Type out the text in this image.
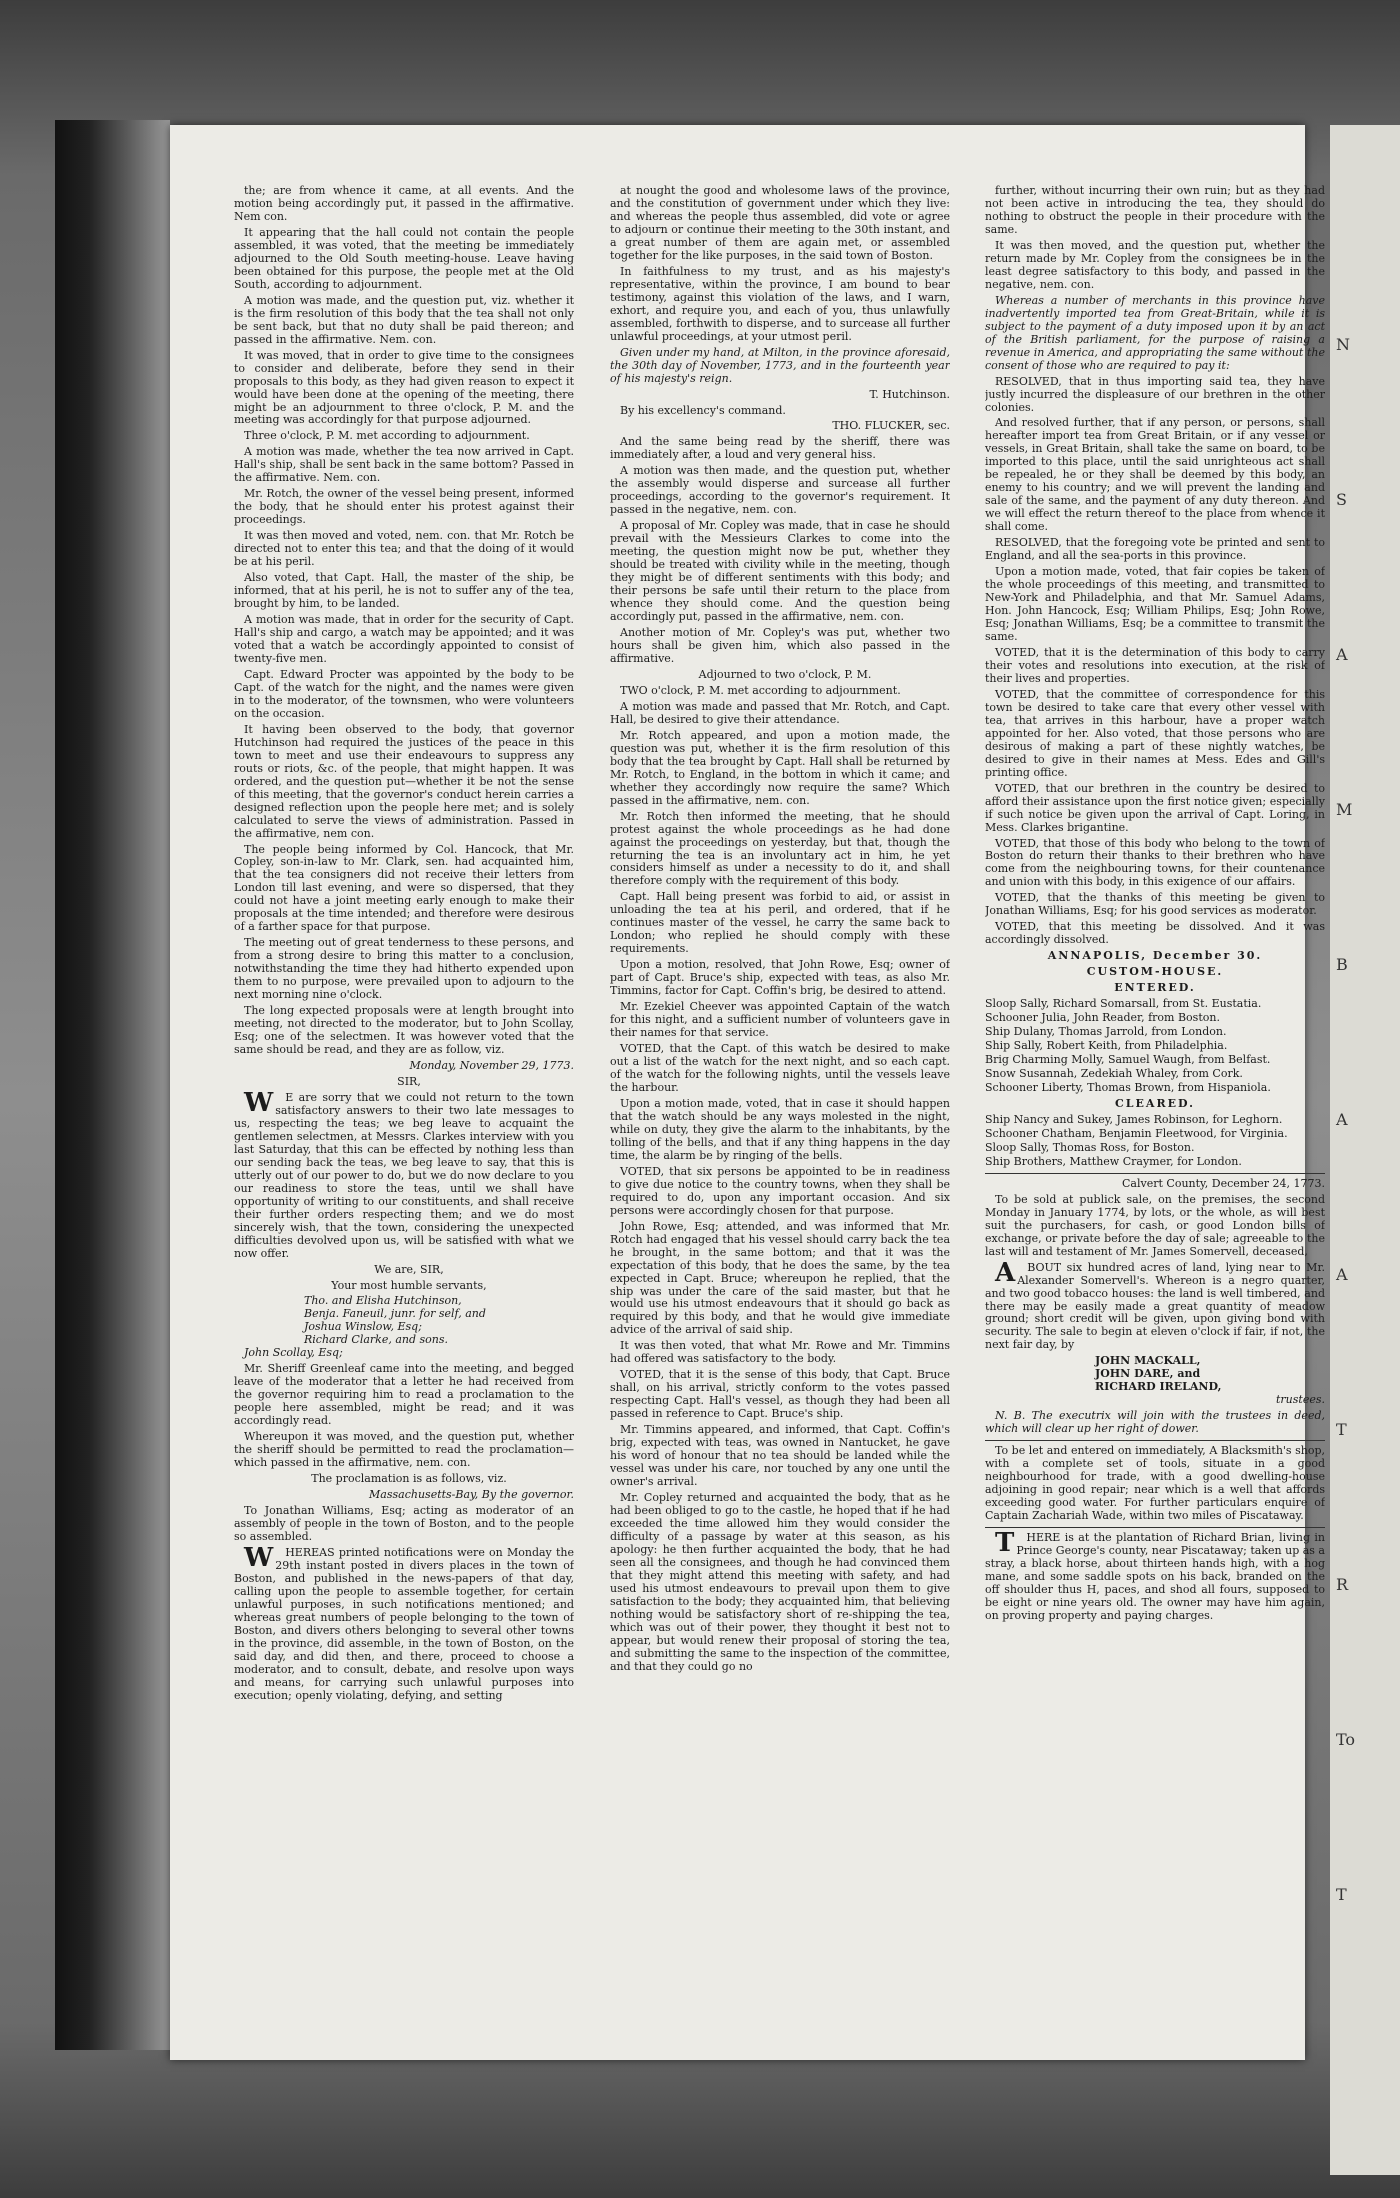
N
S
A
M
B
A
A
T
R
To
T

the; are from whence it came, at all events. And the motion being accordingly put, it passed in the affirmative. Nem con.

It appearing that the hall could not contain the people assembled, it was voted, that the meeting be immediately adjourned to the Old South meeting-house. Leave having been obtained for this purpose, the people met at the Old South, according to adjournment.

A motion was made, and the question put, viz. whether it is the firm resolution of this body that the tea shall not only be sent back, but that no duty shall be paid thereon; and passed in the affirmative. Nem. con.

It was moved, that in order to give time to the consignees to consider and deliberate, before they send in their proposals to this body, as they had given reason to expect it would have been done at the opening of the meeting, there might be an adjournment to three o'clock, P. M. and the meeting was accordingly for that purpose adjourned.

Three o'clock, P. M. met according to adjournment.

A motion was made, whether the tea now arrived in Capt. Hall's ship, shall be sent back in the same bottom? Passed in the affirmative. Nem. con.

Mr. Rotch, the owner of the vessel being present, informed the body, that he should enter his protest against their proceedings.

It was then moved and voted, nem. con. that Mr. Rotch be directed not to enter this tea; and that the doing of it would be at his peril.

Also voted, that Capt. Hall, the master of the ship, be informed, that at his peril, he is not to suffer any of the tea, brought by him, to be landed.

A motion was made, that in order for the security of Capt. Hall's ship and cargo, a watch may be appointed; and it was voted that a watch be accordingly appointed to consist of twenty-five men.

Capt. Edward Procter was appointed by the body to be Capt. of the watch for the night, and the names were given in to the moderator, of the townsmen, who were volunteers on the occasion.

It having been observed to the body, that governor Hutchinson had required the justices of the peace in this town to meet and use their endeavours to suppress any routs or riots, &c. of the people, that might happen. It was ordered, and the question put—whether it be not the sense of this meeting, that the governor's conduct herein carries a designed reflection upon the people here met; and is solely calculated to serve the views of administration. Passed in the affirmative, nem con.

The people being informed by Col. Hancock, that Mr. Copley, son-in-law to Mr. Clark, sen. had acquainted him, that the tea consigners did not receive their letters from London till last evening, and were so dispersed, that they could not have a joint meeting early enough to make their proposals at the time intended; and therefore were desirous of a farther space for that purpose.

The meeting out of great tenderness to these persons, and from a strong desire to bring this matter to a conclusion, notwithstanding the time they had hitherto expended upon them to no purpose, were prevailed upon to adjourn to the next morning nine o'clock.

The long expected proposals were at length brought into meeting, not directed to the moderator, but to John Scollay, Esq; one of the selectmen. It was however voted that the same should be read, and they are as follow, viz.

Monday, November 29, 1773.

SIR,

WE are sorry that we could not return to the town satisfactory answers to their two late messages to us, respecting the teas; we beg leave to acquaint the gentlemen selectmen, at Messrs. Clarkes interview with you last Saturday, that this can be effected by nothing less than our sending back the teas, we beg leave to say, that this is utterly out of our power to do, but we do now declare to you our readiness to store the teas, until we shall have opportunity of writing to our constituents, and shall receive their further orders respecting them; and we do most sincerely wish, that the town, considering the unexpected difficulties devolved upon us, will be satisfied with what we now offer.

We are, SIR,

Your most humble servants,

Tho. and Elisha Hutchinson,
Benja. Faneuil, junr. for self, and
Joshua Winslow, Esq;
Richard Clarke, and sons.

John Scollay, Esq;

Mr. Sheriff Greenleaf came into the meeting, and begged leave of the moderator that a letter he had received from the governor requiring him to read a proclamation to the people here assembled, might be read; and it was accordingly read.

Whereupon it was moved, and the question put, whether the sheriff should be permitted to read the proclamation—which passed in the affirmative, nem. con.

The proclamation is as follows, viz.

Massachusetts-Bay, By the governor.

To Jonathan Williams, Esq; acting as moderator of an assembly of people in the town of Boston, and to the people so assembled.

WHEREAS printed notifications were on Monday the 29th instant posted in divers places in the town of Boston, and published in the news-papers of that day, calling upon the people to assemble together, for certain unlawful purposes, in such notifications mentioned; and whereas great numbers of people belonging to the town of Boston, and divers others belonging to several other towns in the province, did assemble, in the town of Boston, on the said day, and did then, and there, proceed to choose a moderator, and to consult, debate, and resolve upon ways and means, for carrying such unlawful purposes into execution; openly violating, defying, and setting

at nought the good and wholesome laws of the province, and the constitution of government under which they live: and whereas the people thus assembled, did vote or agree to adjourn or continue their meeting to the 30th instant, and a great number of them are again met, or assembled together for the like purposes, in the said town of Boston.

In faithfulness to my trust, and as his majesty's representative, within the province, I am bound to bear testimony, against this violation of the laws, and I warn, exhort, and require you, and each of you, thus unlawfully assembled, forthwith to disperse, and to surcease all further unlawful proceedings, at your utmost peril.

Given under my hand, at Milton, in the province aforesaid, the 30th day of November, 1773, and in the fourteenth year of his majesty's reign.

T. Hutchinson.

By his excellency's command.

THO. FLUCKER, sec.

And the same being read by the sheriff, there was immediately after, a loud and very general hiss.

A motion was then made, and the question put, whether the assembly would disperse and surcease all further proceedings, according to the governor's requirement. It passed in the negative, nem. con.

A proposal of Mr. Copley was made, that in case he should prevail with the Messieurs Clarkes to come into the meeting, the question might now be put, whether they should be treated with civility while in the meeting, though they might be of different sentiments with this body; and their persons be safe until their return to the place from whence they should come. And the question being accordingly put, passed in the affirmative, nem. con.

Another motion of Mr. Copley's was put, whether two hours shall be given him, which also passed in the affirmative.

Adjourned to two o'clock, P. M.

TWO o'clock, P. M. met according to adjournment.

A motion was made and passed that Mr. Rotch, and Capt. Hall, be desired to give their attendance.

Mr. Rotch appeared, and upon a motion made, the question was put, whether it is the firm resolution of this body that the tea brought by Capt. Hall shall be returned by Mr. Rotch, to England, in the bottom in which it came; and whether they accordingly now require the same? Which passed in the affirmative, nem. con.

Mr. Rotch then informed the meeting, that he should protest against the whole proceedings as he had done against the proceedings on yesterday, but that, though the returning the tea is an involuntary act in him, he yet considers himself as under a necessity to do it, and shall therefore comply with the requirement of this body.

Capt. Hall being present was forbid to aid, or assist in unloading the tea at his peril, and ordered, that if he continues master of the vessel, he carry the same back to London; who replied he should comply with these requirements.

Upon a motion, resolved, that John Rowe, Esq; owner of part of Capt. Bruce's ship, expected with teas, as also Mr. Timmins, factor for Capt. Coffin's brig, be desired to attend.

Mr. Ezekiel Cheever was appointed Captain of the watch for this night, and a sufficient number of volunteers gave in their names for that service.

VOTED, that the Capt. of this watch be desired to make out a list of the watch for the next night, and so each capt. of the watch for the following nights, until the vessels leave the harbour.

Upon a motion made, voted, that in case it should happen that the watch should be any ways molested in the night, while on duty, they give the alarm to the inhabitants, by the tolling of the bells, and that if any thing happens in the day time, the alarm be by ringing of the bells.

VOTED, that six persons be appointed to be in readiness to give due notice to the country towns, when they shall be required to do, upon any important occasion. And six persons were accordingly chosen for that purpose.

John Rowe, Esq; attended, and was informed that Mr. Rotch had engaged that his vessel should carry back the tea he brought, in the same bottom; and that it was the expectation of this body, that he does the same, by the tea expected in Capt. Bruce; whereupon he replied, that the ship was under the care of the said master, but that he would use his utmost endeavours that it should go back as required by this body, and that he would give immediate advice of the arrival of said ship.

It was then voted, that what Mr. Rowe and Mr. Timmins had offered was satisfactory to the body.

VOTED, that it is the sense of this body, that Capt. Bruce shall, on his arrival, strictly conform to the votes passed respecting Capt. Hall's vessel, as though they had been all passed in reference to Capt. Bruce's ship.

Mr. Timmins appeared, and informed, that Capt. Coffin's brig, expected with teas, was owned in Nantucket, he gave his word of honour that no tea should be landed while the vessel was under his care, nor touched by any one until the owner's arrival.

Mr. Copley returned and acquainted the body, that as he had been obliged to go to the castle, he hoped that if he had exceeded the time allowed him they would consider the difficulty of a passage by water at this season, as his apology: he then further acquainted the body, that he had seen all the consignees, and though he had convinced them that they might attend this meeting with safety, and had used his utmost endeavours to prevail upon them to give satisfaction to the body; they acquainted him, that believing nothing would be satisfactory short of re-shipping the tea, which was out of their power, they thought it best not to appear, but would renew their proposal of storing the tea, and submitting the same to the inspection of the committee, and that they could go no

further, without incurring their own ruin; but as they had not been active in introducing the tea, they should do nothing to obstruct the people in their procedure with the same.

It was then moved, and the question put, whether the return made by Mr. Copley from the consignees be in the least degree satisfactory to this body, and passed in the negative, nem. con.

Whereas a number of merchants in this province have inadvertently imported tea from Great-Britain, while it is subject to the payment of a duty imposed upon it by an act of the British parliament, for the purpose of raising a revenue in America, and appropriating the same without the consent of those who are required to pay it:

RESOLVED, that in thus importing said tea, they have justly incurred the displeasure of our brethren in the other colonies.

And resolved further, that if any person, or persons, shall hereafter import tea from Great Britain, or if any vessel or vessels, in Great Britain, shall take the same on board, to be imported to this place, until the said unrighteous act shall be repealed, he or they shall be deemed by this body, an enemy to his country; and we will prevent the landing and sale of the same, and the payment of any duty thereon. And we will effect the return thereof to the place from whence it shall come.

RESOLVED, that the foregoing vote be printed and sent to England, and all the sea-ports in this province.

Upon a motion made, voted, that fair copies be taken of the whole proceedings of this meeting, and transmitted to New-York and Philadelphia, and that Mr. Samuel Adams, Hon. John Hancock, Esq; William Philips, Esq; John Rowe, Esq; Jonathan Williams, Esq; be a committee to transmit the same.

VOTED, that it is the determination of this body to carry their votes and resolutions into execution, at the risk of their lives and properties.

VOTED, that the committee of correspondence for this town be desired to take care that every other vessel with tea, that arrives in this harbour, have a proper watch appointed for her. Also voted, that those persons who are desirous of making a part of these nightly watches, be desired to give in their names at Mess. Edes and Gill's printing office.

VOTED, that our brethren in the country be desired to afford their assistance upon the first notice given; especially if such notice be given upon the arrival of Capt. Loring, in Mess. Clarkes brigantine.

VOTED, that those of this body who belong to the town of Boston do return their thanks to their brethren who have come from the neighbouring towns, for their countenance and union with this body, in this exigence of our affairs.

VOTED, that the thanks of this meeting be given to Jonathan Williams, Esq; for his good services as moderator.

VOTED, that this meeting be dissolved. And it was accordingly dissolved.

ANNAPOLIS, December 30.
CUSTOM-HOUSE.
ENTERED.
Sloop Sally, Richard Somarsall, from St. Eustatia.
Schooner Julia, John Reader, from Boston.
Ship Dulany, Thomas Jarrold, from London.
Ship Sally, Robert Keith, from Philadelphia.
Brig Charming Molly, Samuel Waugh, from Belfast.
Snow Susannah, Zedekiah Whaley, from Cork.
Schooner Liberty, Thomas Brown, from Hispaniola.
CLEARED.
Ship Nancy and Sukey, James Robinson, for Leghorn.
Schooner Chatham, Benjamin Fleetwood, for Virginia.
Sloop Sally, Thomas Ross, for Boston.
Ship Brothers, Matthew Craymer, for London.

Calvert County, December 24, 1773.

To be sold at publick sale, on the premises, the second Monday in January 1774, by lots, or the whole, as will best suit the purchasers, for cash, or good London bills of exchange, or private before the day of sale; agreeable to the last will and testament of Mr. James Somervell, deceased,

ABOUT six hundred acres of land, lying near to Mr. Alexander Somervell's. Whereon is a negro quarter, and two good tobacco houses: the land is well timbered, and there may be easily made a great quantity of meadow ground; short credit will be given, upon giving bond with security. The sale to begin at eleven o'clock if fair, if not, the next fair day, by

JOHN MACKALL,
JOHN DARE, and
RICHARD IRELAND,

trustees.

N. B. The executrix will join with the trustees in deed, which will clear up her right of dower.

To be let and entered on immediately, A Blacksmith's shop, with a complete set of tools, situate in a good neighbourhood for trade, with a good dwelling-house adjoining in good repair; near which is a well that affords exceeding good water. For further particulars enquire of Captain Zachariah Wade, within two miles of Piscataway.

THERE is at the plantation of Richard Brian, living in Prince George's county, near Piscataway; taken up as a stray, a black horse, about thirteen hands high, with a hog mane, and some saddle spots on his back, branded on the off shoulder thus H, paces, and shod all fours, supposed to be eight or nine years old. The owner may have him again, on proving property and paying charges.
